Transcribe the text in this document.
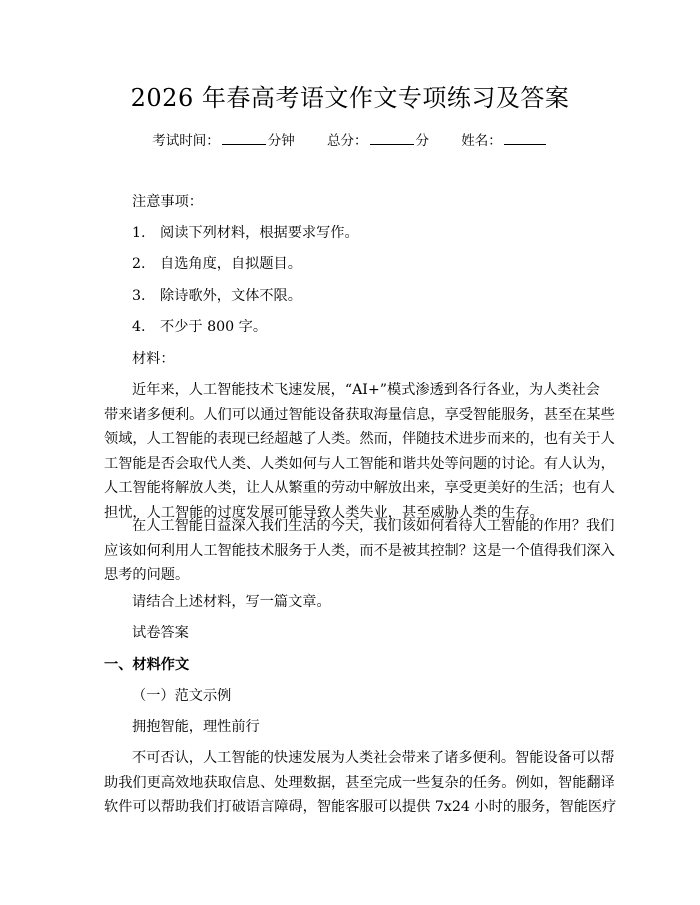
2026 年春高考语文作文专项练习及答案
考试时间：	分钟 总分：	分 姓名：
注意事项：
1. 阅读下列材料，根据要求写作。
2. 自选角度，自拟题目。
3. 除诗歌外，文体不限。
4. 不少于 800 字。
材料：
近年来，人工智能技术飞速发展，“AI+”模式渗透到各行各业，为人类社会
带来诸多便利。人们可以通过智能设备获取海量信息，享受智能服务，甚至在某些
领域，人工智能的表现已经超越了人类。然而，伴随技术进步而来的，也有关于人
工智能是否会取代人类、人类如何与人工智能和谐共处等问题的讨论。有人认为，
人工智能将解放人类，让人从繁重的劳动中解放出来，享受更美好的生活；也有人
担忧，人工智能的过度发展可能导致人类失业，甚至威胁人类的生存。
在人工智能日益深入我们生活的今天，我们该如何看待人工智能的作用？我们
应该如何利用人工智能技术服务于人类，而不是被其控制？这是一个值得我们深入
思考的问题。
请结合上述材料，写一篇文章。
试卷答案
一、材料作文
（一）范文示例
拥抱智能，理性前行
不可否认，人工智能的快速发展为人类社会带来了诸多便利。智能设备可以帮
助我们更高效地获取信息、处理数据，甚至完成一些复杂的任务。例如，智能翻译
软件可以帮助我们打破语言障碍，智能客服可以提供 7x24 小时的服务，智能医疗
